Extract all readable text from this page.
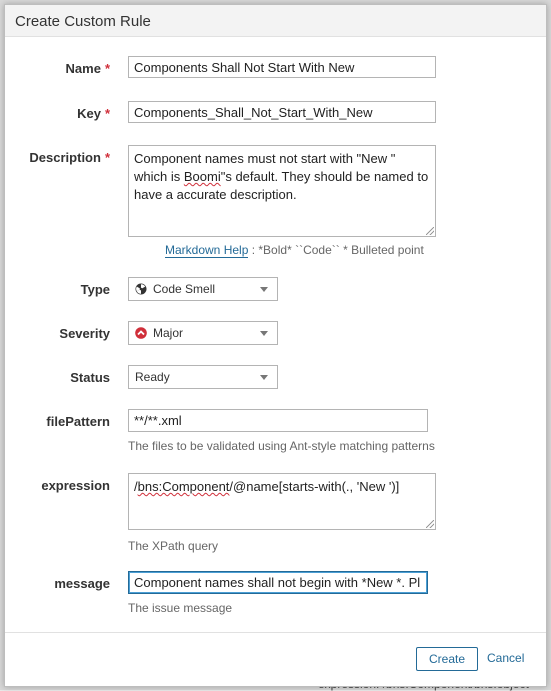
Create Custom Rule
Name *	Components Shall Not Start With New
Key *	Components_Shall_Not_Start_With_New
Description * Component names must not start with "New "
which is Boomi"s default. They should be named to
have a accurate description.
Markdown Help : *Bold* ``Code`` * Bulleted point
Type	Code Smell
Severity	Major
Status	Ready
filePattern	**/**.xml
The files to be validated using Ant-style matching patterns
expression	/bns:Component/@name[starts-with(., 'New ')]
The XPath query
message	Component names shall not begin with *New *. Pl
The issue message
Create	Cancel
